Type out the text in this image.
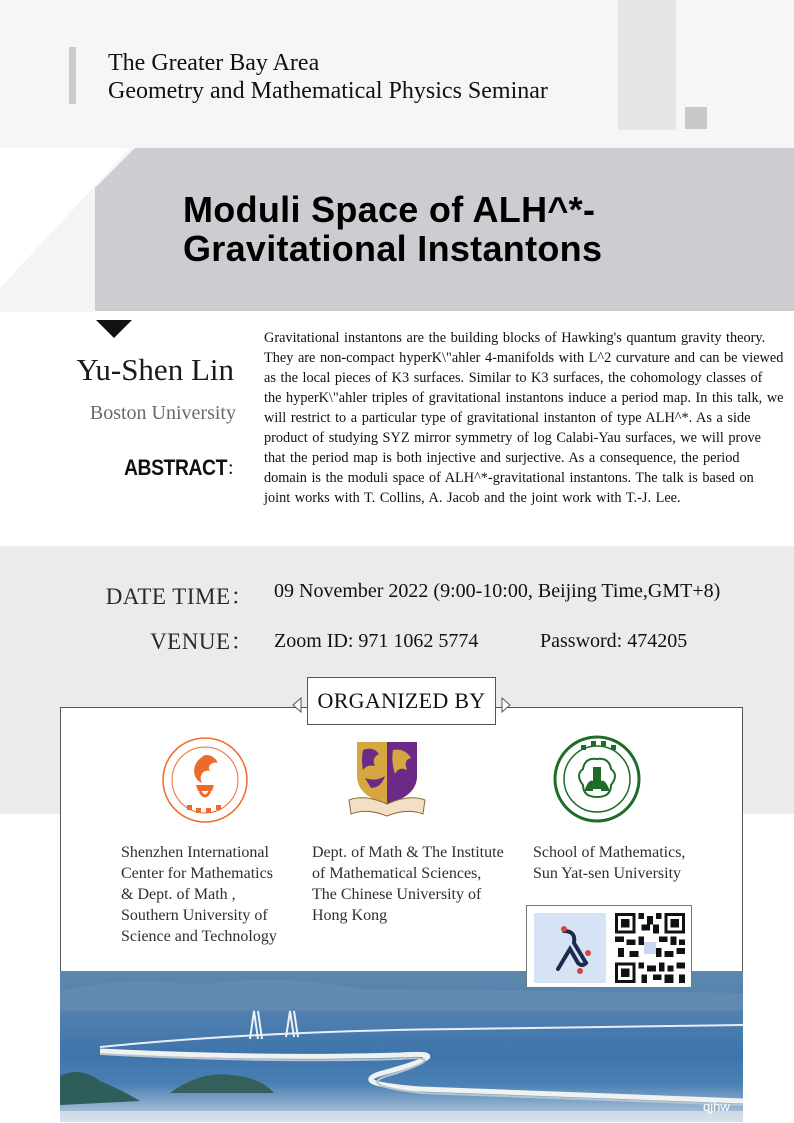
The Greater Bay Area
Geometry and Mathematical Physics Seminar
Moduli Space of ALH^*-
Gravitational Instantons
Yu-Shen Lin
Boston University
ABSTRACT :
Gravitational instantons are the building blocks of Hawking's quantum gravity theory. They are non-compact hyperK\"ahler 4-manifolds with L^2 curvature and can be viewed as the local pieces of K3 surfaces. Similar to K3 surfaces, the cohomology classes of the hyperK\"ahler triples of gravitational instantons induce a period map. In this talk, we will restrict to a particular type of gravitational instanton of type ALH^*. As a side product of studying SYZ mirror symmetry of log Calabi-Yau surfaces, we will prove that the period map is both injective and surjective. As a consequence, the period domain is the moduli space of ALH^*-gravitational instantons. The talk is based on joint works with T. Collins, A. Jacob and the joint work with T.-J. Lee.
DATE TIME： 09 November 2022 (9:00-10:00, Beijing Time,GMT+8)
VENUE： Zoom ID: 971 1062 5774	Password: 474205
ORGANIZED BY
Shenzhen International
Center for Mathematics
& Dept. of Math ,
Southern University of
Science and Technology
Dept. of Math & The Institute
of Mathematical Sciences,
The Chinese University of
Hong Kong
School of Mathematics,
Sun Yat-sen University
qjhw
